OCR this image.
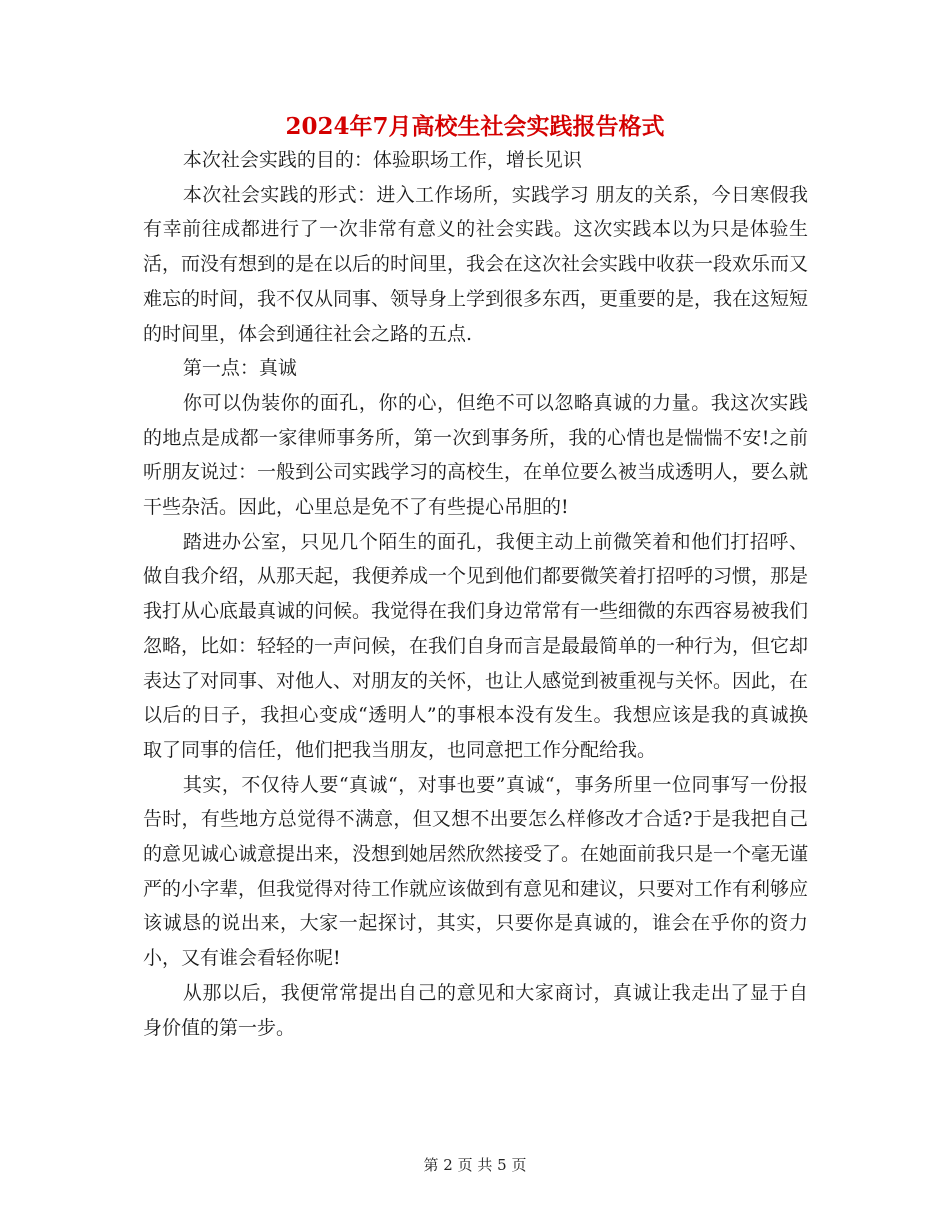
2024年7月高校生社会实践报告格式

本次社会实践的目的：体验职场工作，增长见识

本次社会实践的形式：进入工作场所，实践学习 朋友的关系，今日寒假我有幸前往成都进行了一次非常有意义的社会实践。这次实践本以为只是体验生活，而没有想到的是在以后的时间里，我会在这次社会实践中收获一段欢乐而又难忘的时间，我不仅从同事、领导身上学到很多东西，更重要的是，我在这短短的时间里，体会到通往社会之路的五点.

第一点：真诚

你可以伪装你的面孔，你的心，但绝不可以忽略真诚的力量。我这次实践的地点是成都一家律师事务所，第一次到事务所，我的心情也是惴惴不安!之前听朋友说过：一般到公司实践学习的高校生，在单位要么被当成透明人，要么就干些杂活。因此，心里总是免不了有些提心吊胆的!

踏进办公室，只见几个陌生的面孔，我便主动上前微笑着和他们打招呼、做自我介绍，从那天起，我便养成一个见到他们都要微笑着打招呼的习惯，那是我打从心底最真诚的问候。我觉得在我们身边常常有一些细微的东西容易被我们忽略，比如：轻轻的一声问候，在我们自身而言是最最简单的一种行为，但它却表达了对同事、对他人、对朋友的关怀，也让人感觉到被重视与关怀。因此，在以后的日子，我担心变成“透明人”的事根本没有发生。我想应该是我的真诚换取了同事的信任，他们把我当朋友，也同意把工作分配给我。

其实，不仅待人要“真诚“，对事也要”真诚“，事务所里一位同事写一份报告时，有些地方总觉得不满意，但又想不出要怎么样修改才合适?于是我把自己的意见诚心诚意提出来，没想到她居然欣然接受了。在她面前我只是一个毫无谨严的小字辈，但我觉得对待工作就应该做到有意见和建议，只要对工作有利够应该诚恳的说出来，大家一起探讨，其实，只要你是真诚的，谁会在乎你的资力小，又有谁会看轻你呢!

从那以后，我便常常提出自己的意见和大家商讨，真诚让我走出了显于自身价值的第一步。

第 2 页 共 5 页
